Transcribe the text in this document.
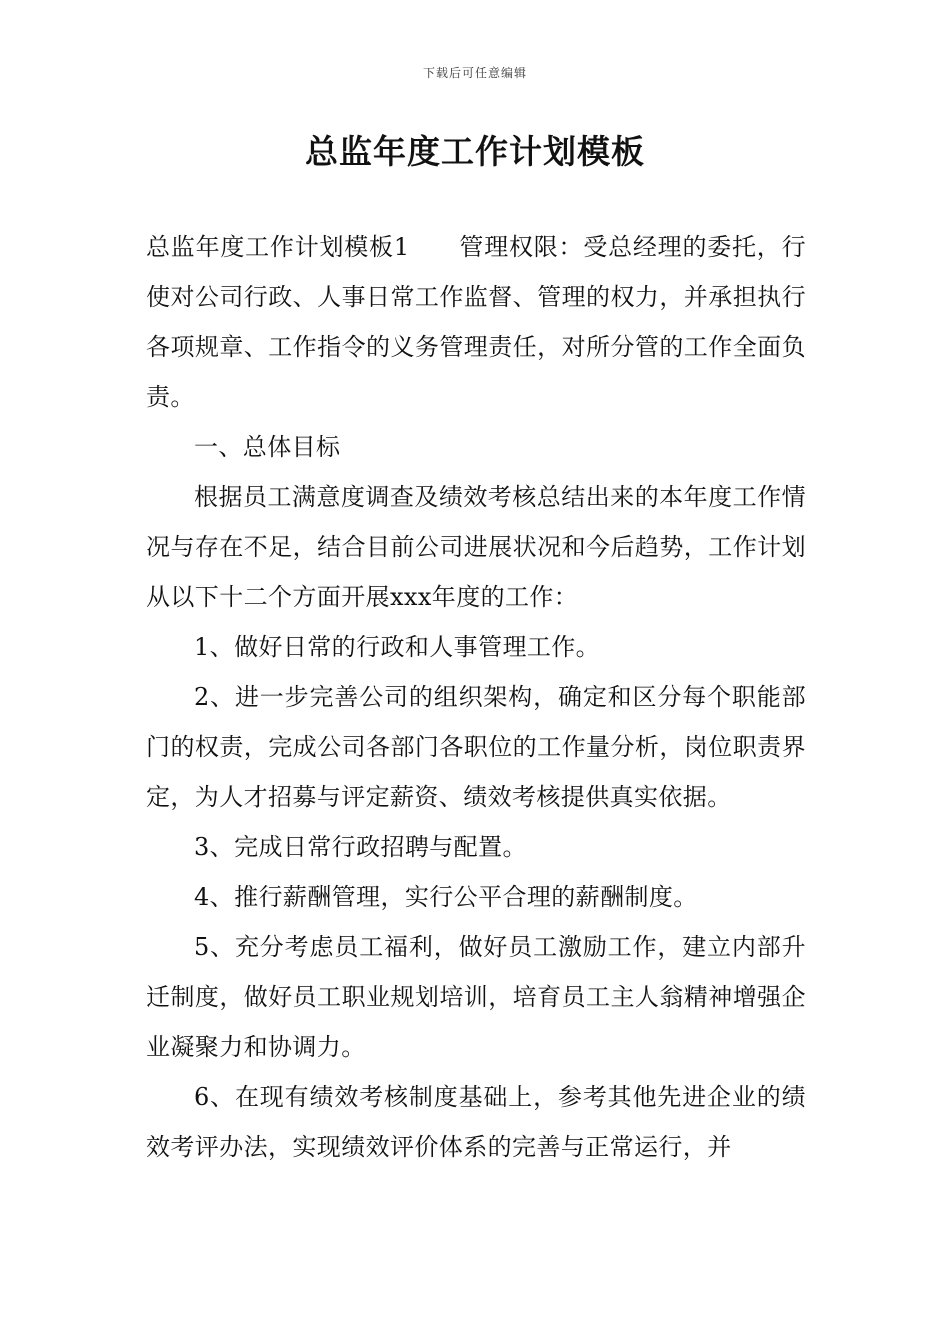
下载后可任意编辑
总监年度工作计划模板

总监年度工作计划模板1　　管理权限：受总经理的委托，行使对公司行政、人事日常工作监督、管理的权力，并承担执行各项规章、工作指令的义务管理责任，对所分管的工作全面负责。

一、总体目标

根据员工满意度调查及绩效考核总结出来的本年度工作情况与存在不足，结合目前公司进展状况和今后趋势，工作计划从以下十二个方面开展xxx年度的工作：

1、做好日常的行政和人事管理工作。

2、进一步完善公司的组织架构，确定和区分每个职能部门的权责，完成公司各部门各职位的工作量分析，岗位职责界定，为人才招募与评定薪资、绩效考核提供真实依据。

3、完成日常行政招聘与配置。

4、推行薪酬管理，实行公平合理的薪酬制度。

5、充分考虑员工福利，做好员工激励工作，建立内部升迁制度，做好员工职业规划培训，培育员工主人翁精神增强企业凝聚力和协调力。

6、在现有绩效考核制度基础上，参考其他先进企业的绩效考评办法，实现绩效评价体系的完善与正常运行，并
